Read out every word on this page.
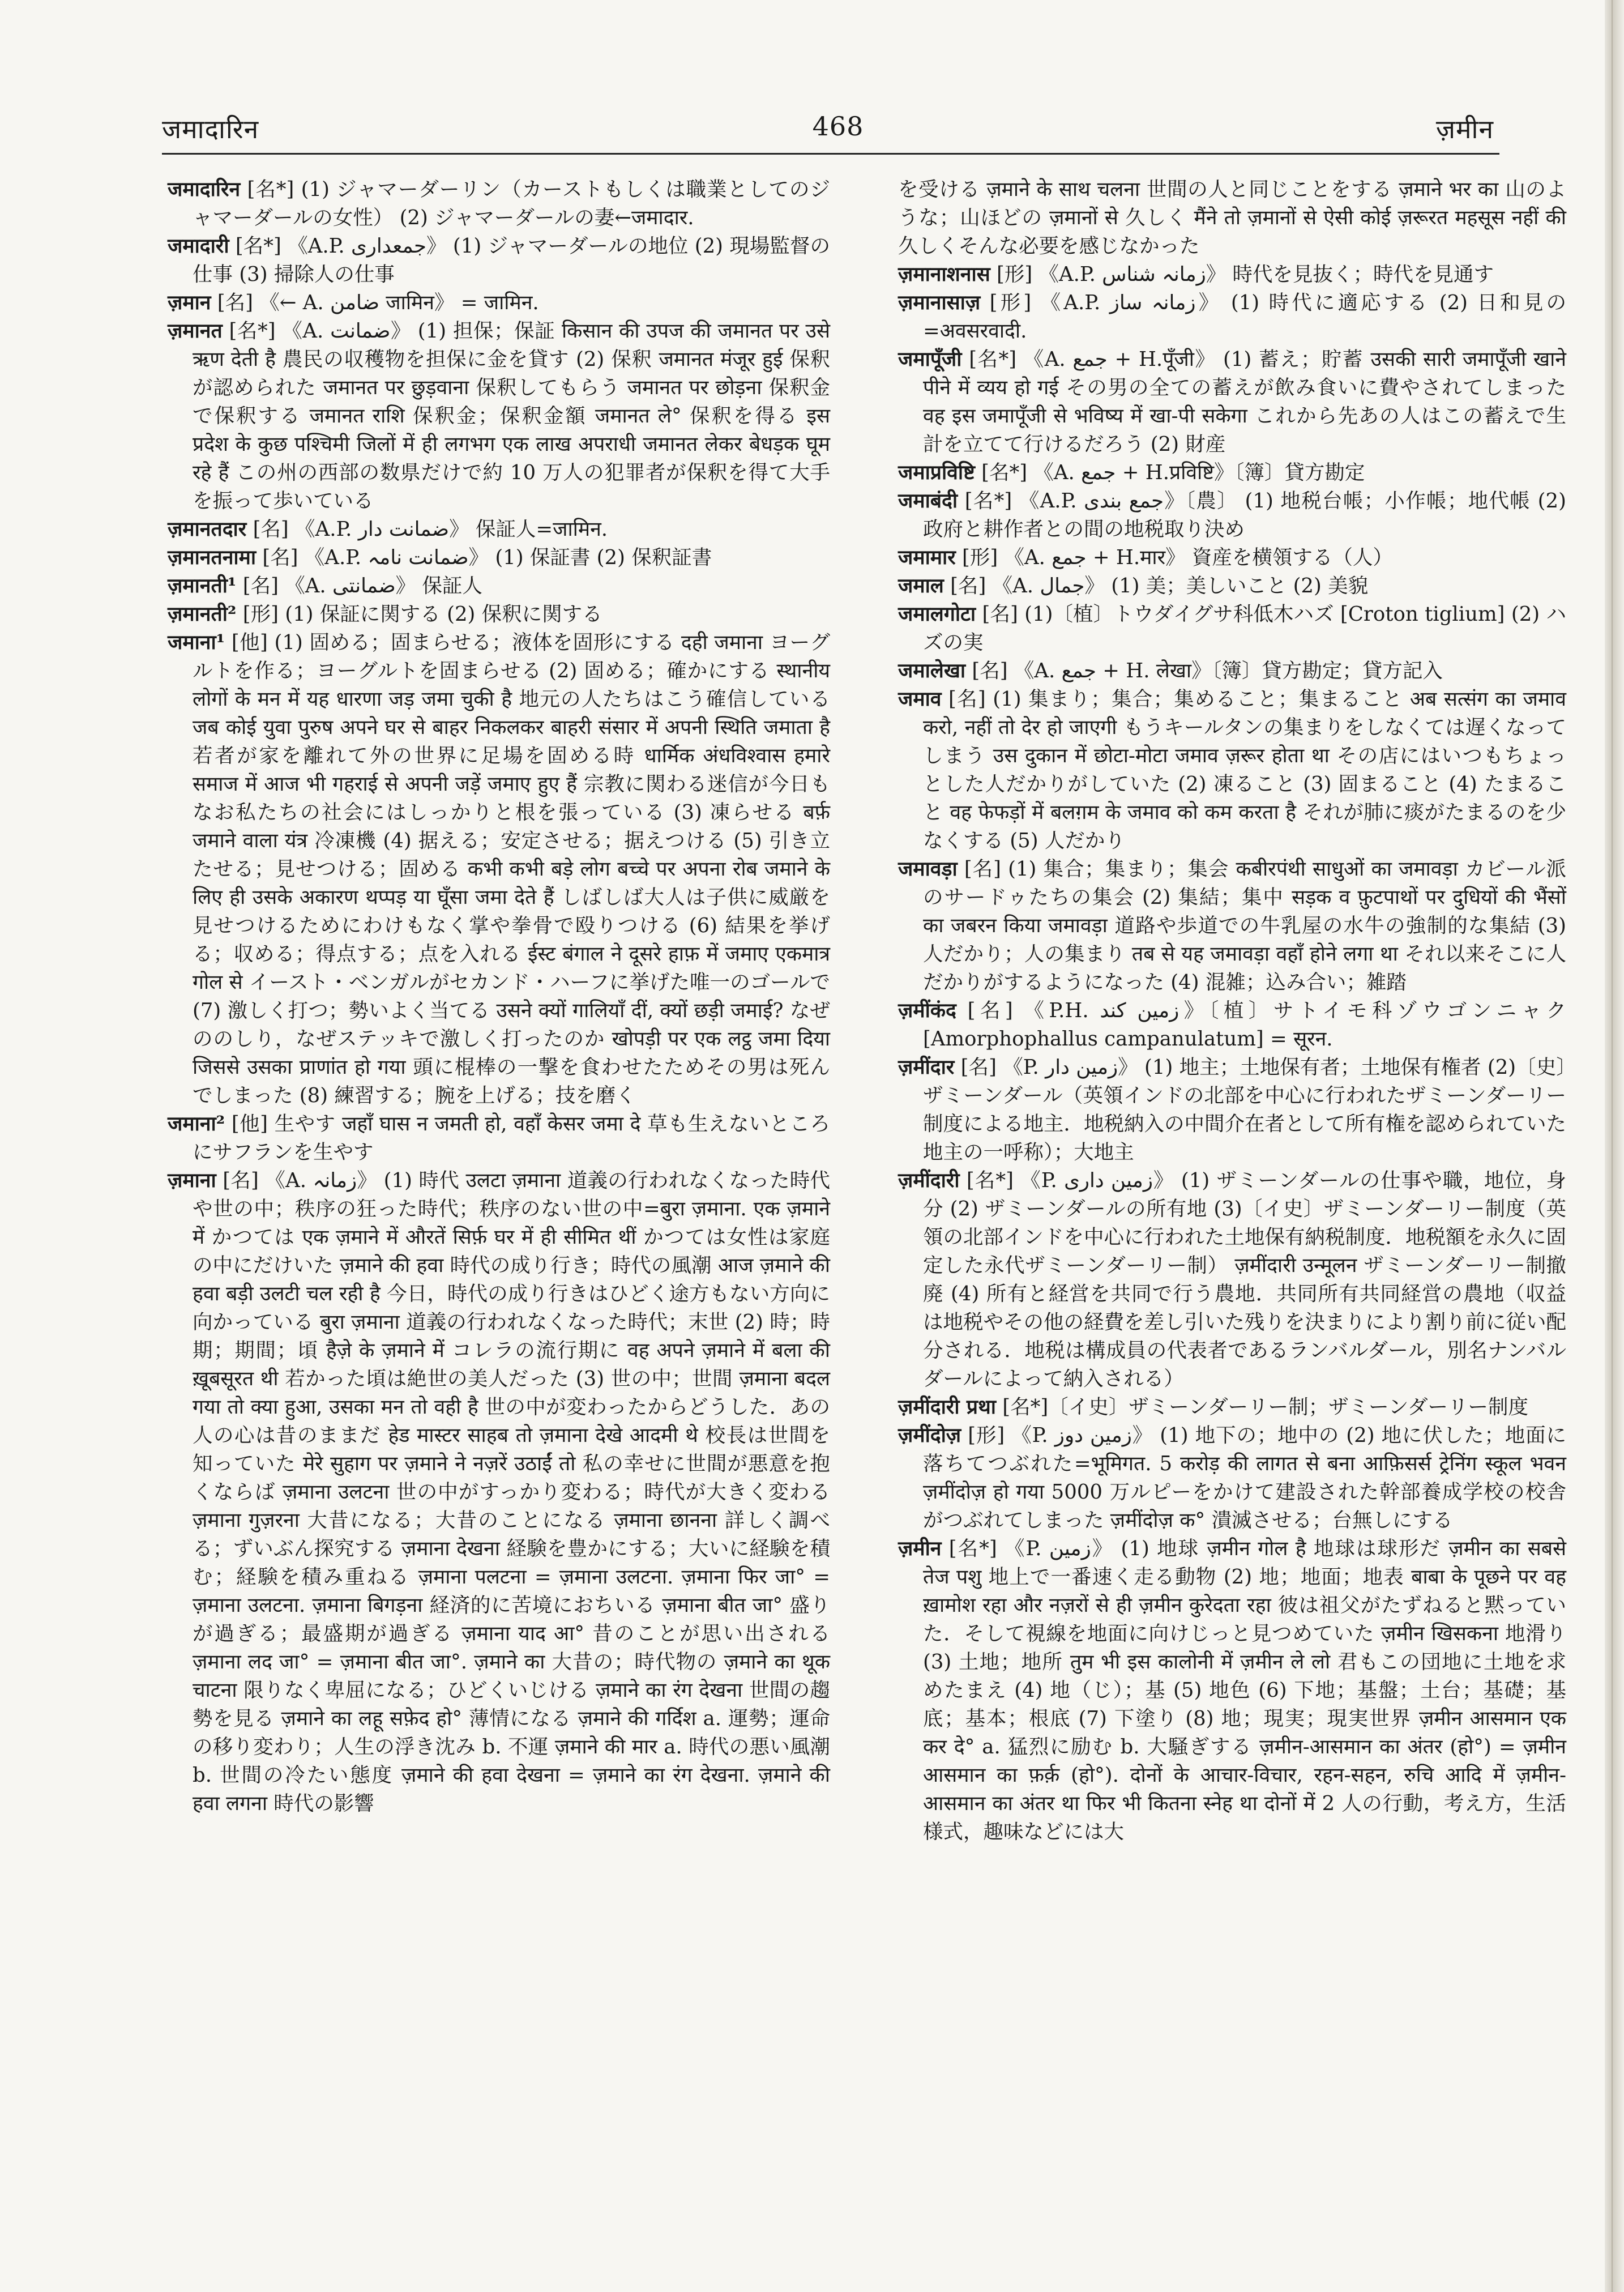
जमादारिन	468	ज़मीन
जमादारिन [名*] (1) ジャマーダーリン（カーストもしくは職業としてのジャマーダールの女性） (2) ジャマーダールの妻←जमादार.
जमादारी [名*] 《A.P. جمعداری》 (1) ジャマーダールの地位 (2) 現場監督の仕事 (3) 掃除人の仕事
ज़मान [名] 《← A. ضامن जामिन》 = जामिन.
ज़मानत [名*] 《A. ضمانت》 (1) 担保；保証 किसान की उपज की जमानत पर उसे ऋण देती है 農民の収穫物を担保に金を貸す (2) 保釈 जमानत मंजूर हुई 保釈が認められた जमानत पर छुड़वाना 保釈してもらう जमानत पर छोड़ना 保釈金で保釈する जमानत राशि 保釈金；保釈金額 जमानत ले° 保釈を得る इस प्रदेश के कुछ पश्चिमी जिलों में ही लगभग एक लाख अपराधी जमानत लेकर बेधड़क घूम रहे हैं この州の西部の数県だけで約 10 万人の犯罪者が保釈を得て大手を振って歩いている
ज़मानतदार [名] 《A.P. ضمانت دار》 保証人=जामिन.
ज़मानतनामा [名] 《A.P. ضمانت نامہ》 (1) 保証書 (2) 保釈証書
ज़मानती¹ [名] 《A. ضمانتی》 保証人
ज़मानती² [形] (1) 保証に関する (2) 保釈に関する
जमाना¹ [他] (1) 固める；固まらせる；液体を固形にする दही जमाना ヨーグルトを作る；ヨーグルトを固まらせる (2) 固める；確かにする स्थानीय लोगों के मन में यह धारणा जड़ जमा चुकी है 地元の人たちはこう確信している जब कोई युवा पुरुष अपने घर से बाहर निकलकर बाहरी संसार में अपनी स्थिति जमाता है 若者が家を離れて外の世界に足場を固める時 धार्मिक अंधविश्वास हमारे समाज में आज भी गहराई से अपनी जड़ें जमाए हुए हैं 宗教に関わる迷信が今日もなお私たちの社会にはしっかりと根を張っている (3) 凍らせる बर्फ़ जमाने वाला यंत्र 冷凍機 (4) 据える；安定させる；据えつける (5) 引き立たせる；見せつける；固める कभी कभी बड़े लोग बच्चे पर अपना रोब जमाने के लिए ही उसके अकारण थप्पड़ या घूँसा जमा देते हैं しばしば大人は子供に威厳を見せつけるためにわけもなく掌や拳骨で殴りつける (6) 結果を挙げる；収める；得点する；点を入れる ईस्ट बंगाल ने दूसरे हाफ़ में जमाए एकमात्र गोल से イースト・ベンガルがセカンド・ハーフに挙げた唯一のゴールで (7) 激しく打つ；勢いよく当てる उसने क्यों गालियाँ दीं, क्यों छड़ी जमाई? なぜののしり，なぜステッキで激しく打ったのか खोपड़ी पर एक लट्ठ जमा दिया जिससे उसका प्राणांत हो गया 頭に棍棒の一撃を食わせたためその男は死んでしまった (8) 練習する；腕を上げる；技を磨く
जमाना² [他] 生やす जहाँ घास न जमती हो, वहाँ केसर जमा दे 草も生えないところにサフランを生やす
ज़माना [名] 《A. زمانہ》 (1) 時代 उलटा ज़माना 道義の行われなくなった時代や世の中；秩序の狂った時代；秩序のない世の中=बुरा ज़माना. एक ज़माने में かつては एक ज़माने में औरतें सिर्फ़ घर में ही सीमित थीं かつては女性は家庭の中にだけいた ज़माने की हवा 時代の成り行き；時代の風潮 आज ज़माने की हवा बड़ी उलटी चल रही है 今日，時代の成り行きはひどく途方もない方向に向かっている बुरा ज़माना 道義の行われなくなった時代；末世 (2) 時；時期；期間；頃 हैज़े के ज़माने में コレラの流行期に वह अपने ज़माने में बला की ख़ूबसूरत थी 若かった頃は絶世の美人だった (3) 世の中；世間 ज़माना बदल गया तो क्या हुआ, उसका मन तो वही है 世の中が変わったからどうした．あの人の心は昔のままだ हेड मास्टर साहब तो ज़माना देखे आदमी थे 校長は世間を知っていた मेरे सुहाग पर ज़माने ने नज़रें उठाईं तो 私の幸せに世間が悪意を抱くならば ज़माना उलटना 世の中がすっかり変わる；時代が大きく変わる ज़माना गुज़रना 大昔になる；大昔のことになる ज़माना छानना 詳しく調べる；ずいぶん探究する ज़माना देखना 経験を豊かにする；大いに経験を積む；経験を積み重ねる ज़माना पलटना = ज़माना उलटना. ज़माना फिर जा° = ज़माना उलटना. ज़माना बिगड़ना 経済的に苦境におちいる ज़माना बीत जा° 盛りが過ぎる；最盛期が過ぎる ज़माना याद आ° 昔のことが思い出される ज़माना लद जा° = ज़माना बीत जा°. ज़माने का 大昔の；時代物の ज़माने का थूक चाटना 限りなく卑屈になる；ひどくいじける ज़माने का रंग देखना 世間の趨勢を見る ज़माने का लहू सफ़ेद हो° 薄情になる ज़माने की गर्दिश a. 運勢；運命の移り変わり；人生の浮き沈み b. 不運 ज़माने की मार a. 時代の悪い風潮 b. 世間の冷たい態度 ज़माने की हवा देखना = ज़माने का रंग देखना. ज़माने की हवा लगना 時代の影響
を受ける ज़माने के साथ चलना 世間の人と同じことをする ज़माने भर का 山のような；山ほどの ज़मानों से 久しく मैंने तो ज़मानों से ऐसी कोई ज़रूरत महसूस नहीं की 久しくそんな必要を感じなかった
ज़मानाशनास [形] 《A.P. زمانہ شناس》 時代を見抜く；時代を見通す
ज़मानासाज़ [形] 《A.P. زمانہ ساز》 (1) 時代に適応する (2) 日和見の=अवसरवादी.
जमापूँजी [名*] 《A. جمع + H.पूँजी》 (1) 蓄え；貯蓄 उसकी सारी जमापूँजी खाने पीने में व्यय हो गई その男の全ての蓄えが飲み食いに費やされてしまった वह इस जमापूँजी से भविष्य में खा-पी सकेगा これから先あの人はこの蓄えで生計を立てて行けるだろう (2) 財産
जमाप्रविष्टि [名*] 《A. جمع + H.प्रविष्टि》〔簿〕貸方勘定
जमाबंदी [名*] 《A.P. جمع بندی》〔農〕 (1) 地税台帳；小作帳；地代帳 (2) 政府と耕作者との間の地税取り決め
जमामार [形] 《A. جمع + H.मार》 資産を横領する（人）
जमाल [名] 《A. جمال》 (1) 美；美しいこと (2) 美貌
जमालगोटा [名] (1)〔植〕トウダイグサ科低木ハズ [Croton tiglium] (2) ハズの実
जमालेखा [名] 《A. جمع + H. लेखा》〔簿〕貸方勘定；貸方記入
जमाव [名] (1) 集まり；集合；集めること；集まること अब सत्संग का जमाव करो, नहीं तो देर हो जाएगी もうキールタンの集まりをしなくては遅くなってしまう उस दुकान में छोटा-मोटा जमाव ज़रूर होता था その店にはいつもちょっとした人だかりがしていた (2) 凍ること (3) 固まること (4) たまること वह फेफड़ों में बलग़म के जमाव को कम करता है それが肺に痰がたまるのを少なくする (5) 人だかり
जमावड़ा [名] (1) 集合；集まり；集会 कबीरपंथी साधुओं का जमावड़ा カビール派のサードゥたちの集会 (2) 集結；集中 सड़क व फ़ुटपाथों पर दुधियों की भैंसों का जबरन किया जमावड़ा 道路や歩道での牛乳屋の水牛の強制的な集結 (3) 人だかり；人の集まり तब से यह जमावड़ा वहाँ होने लगा था それ以来そこに人だかりがするようになった (4) 混雑；込み合い；雑踏
ज़मींकंद [名] 《P.H. زمین کند》〔植〕サトイモ科ゾウゴンニャク [Amorphophallus campanulatum] = सूरन.
ज़मींदार [名] 《P. زمین دار》 (1) 地主；土地保有者；土地保有権者 (2)〔史〕ザミーンダール（英領インドの北部を中心に行われたザミーンダーリー制度による地主．地税納入の中間介在者として所有権を認められていた地主の一呼称）；大地主
ज़मींदारी [名*] 《P. زمین داری》 (1) ザミーンダールの仕事や職，地位，身分 (2) ザミーンダールの所有地 (3)〔イ史〕ザミーンダーリー制度（英領の北部インドを中心に行われた土地保有納税制度．地税額を永久に固定した永代ザミーンダーリー制） ज़मींदारी उन्मूलन ザミーンダーリー制撤廃 (4) 所有と経営を共同で行う農地．共同所有共同経営の農地（収益は地税やその他の経費を差し引いた残りを決まりにより割り前に従い配分される．地税は構成員の代表者であるランバルダール，別名ナンバルダールによって納入される）
ज़मींदारी प्रथा [名*]〔イ史〕ザミーンダーリー制；ザミーンダーリー制度
ज़मींदोज़ [形] 《P. زمین دوز》 (1) 地下の；地中の (2) 地に伏した；地面に落ちてつぶれた=भूमिगत. 5 करोड़ की लागत से बना आफ़िसर्स ट्रेनिंग स्कूल भवन ज़मींदोज़ हो गया 5000 万ルピーをかけて建設された幹部養成学校の校舎がつぶれてしまった ज़मींदोज़ क° 潰滅させる；台無しにする
ज़मीन [名*] 《P. زمین》 (1) 地球 ज़मीन गोल है 地球は球形だ ज़मीन का सबसे तेज पशु 地上で一番速く走る動物 (2) 地；地面；地表 बाबा के पूछने पर वह ख़ामोश रहा और नज़रों से ही ज़मीन कुरेदता रहा 彼は祖父がたずねると黙っていた．そして視線を地面に向けじっと見つめていた ज़मीन खिसकना 地滑り (3) 土地；地所 तुम भी इस कालोनी में ज़मीन ले लो 君もこの団地に土地を求めたまえ (4) 地（じ）；基 (5) 地色 (6) 下地；基盤；土台；基礎；基底；基本；根底 (7) 下塗り (8) 地；現実；現実世界 ज़मीन आसमान एक कर दे° a. 猛烈に励む b. 大騒ぎする ज़मीन-आसमान का अंतर (हो°) = ज़मीन आसमान का फ़र्क़ (हो°). दोनों के आचार-विचार, रहन-सहन, रुचि आदि में ज़मीन-आसमान का अंतर था फिर भी कितना स्नेह था दोनों में 2 人の行動，考え方，生活様式，趣味などには大
